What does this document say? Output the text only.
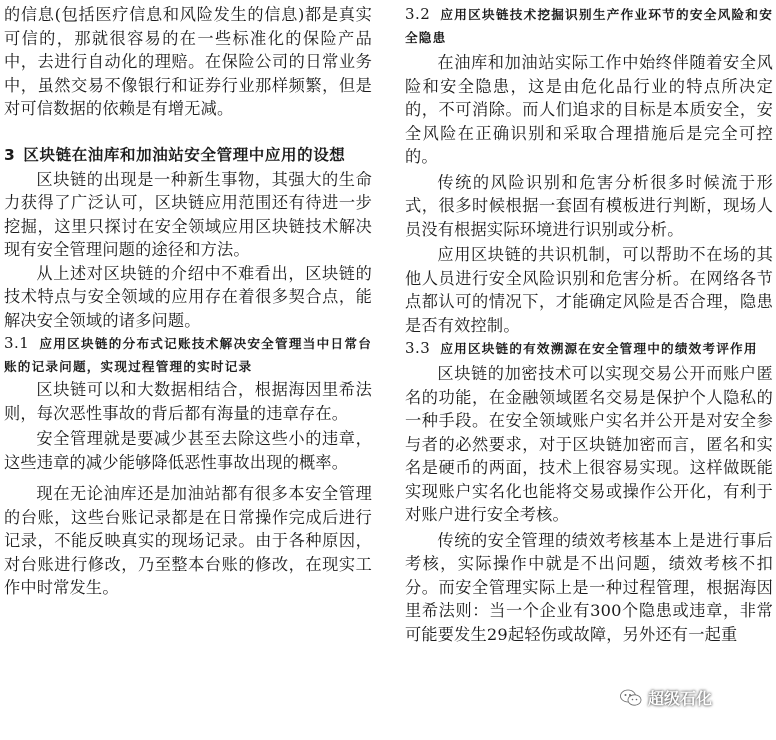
的信息(包括医疗信息和风险发生的信息)都是真实可信的，那就很容易的在一些标准化的保险产品中，去进行自动化的理赔。在保险公司的日常业务中，虽然交易不像银行和证券行业那样频繁，但是对可信数据的依赖是有增无减。

3 区块链在油库和加油站安全管理中应用的设想

区块链的出现是一种新生事物，其强大的生命力获得了广泛认可，区块链应用范围还有待进一步挖掘，这里只探讨在安全领域应用区块链技术解决现有安全管理问题的途径和方法。

从上述对区块链的介绍中不难看出，区块链的技术特点与安全领域的应用存在着很多契合点，能解决安全领域的诸多问题。

3.1 应用区块链的分布式记账技术解决安全管理当中日常台账的记录问题，实现过程管理的实时记录

区块链可以和大数据相结合，根据海因里希法则，每次恶性事故的背后都有海量的违章存在。

安全管理就是要减少甚至去除这些小的违章，这些违章的减少能够降低恶性事故出现的概率。

现在无论油库还是加油站都有很多本安全管理的台账，这些台账记录都是在日常操作完成后进行记录，不能反映真实的现场记录。由于各种原因，对台账进行修改，乃至整本台账的修改，在现实工作中时常发生。

3.2 应用区块链技术挖掘识别生产作业环节的安全风险和安全隐患

在油库和加油站实际工作中始终伴随着安全风险和安全隐患，这是由危化品行业的特点所决定的，不可消除。而人们追求的目标是本质安全，安全风险在正确识别和采取合理措施后是完全可控的。

传统的风险识别和危害分析很多时候流于形式，很多时候根据一套固有模板进行判断，现场人员没有根据实际环境进行识别或分析。

应用区块链的共识机制，可以帮助不在场的其他人员进行安全风险识别和危害分析。在网络各节点都认可的情况下，才能确定风险是否合理，隐患是否有效控制。

3.3 应用区块链的有效溯源在安全管理中的绩效考评作用

区块链的加密技术可以实现交易公开而账户匿名的功能，在金融领域匿名交易是保护个人隐私的一种手段。在安全领域账户实名并公开是对安全参与者的必然要求，对于区块链加密而言，匿名和实名是硬币的两面，技术上很容易实现。这样做既能实现账户实名化也能将交易或操作公开化，有利于对账户进行安全考核。

传统的安全管理的绩效考核基本上是进行事后考核，实际操作中就是不出问题，绩效考核不扣分。而安全管理实际上是一种过程管理，根据海因里希法则：当一个企业有300个隐患或违章，非常可能要发生29起轻伤或故障，另外还有一起重

超级石化
